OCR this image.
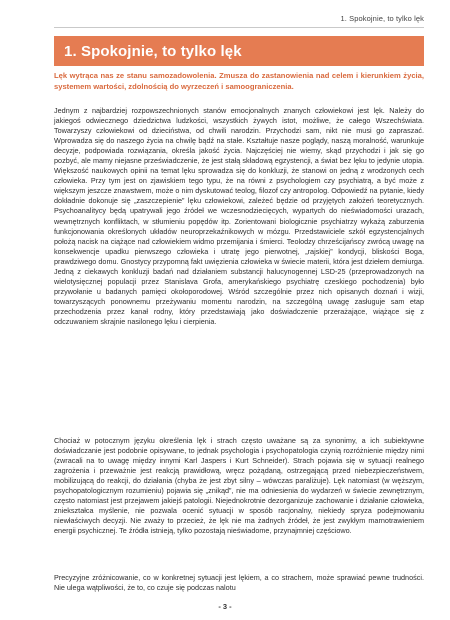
1. Spokojnie, to tylko lęk
1. Spokojnie, to tylko lęk

Lęk wytrąca nas ze stanu samozadowolenia. Zmusza do zastanowienia nad celem i kierunkiem życia, systemem wartości, zdolnością do wyrzeczeń i samoograniczenia.

Jednym z najbardziej rozpowszechnionych stanów emocjonalnych znanych człowiekowi jest lęk. Należy do jakiegoś odwiecznego dziedzictwa ludzkości, wszystkich żywych istot, możliwe, że całego Wszechświata. Towarzyszy człowiekowi od dzieciństwa, od chwili narodzin. Przychodzi sam, nikt nie musi go zapraszać. Wprowadza się do naszego życia na chwilę bądź na stałe. Kształtuje nasze poglądy, naszą moralność, warunkuje decyzje, podpowiada rozwiązania, określa jakość życia. Najczęściej nie wiemy, skąd przychodzi i jak się go pozbyć, ale mamy niejasne przeświadczenie, że jest stałą składową egzystencji, a świat bez lęku to jedynie utopia. Większość naukowych opinii na temat lęku sprowadza się do konkluzji, że stanowi on jedną z wrodzonych cech człowieka. Przy tym jest on zjawiskiem tego typu, że na równi z psychologiem czy psychiatrą, a być może z większym jeszcze znawstwem, może o nim dyskutować teolog, filozof czy antropolog. Odpowiedź na pytanie, kiedy dokładnie dokonuje się „zaszczepienie” lęku człowiekowi, zależeć będzie od przyjętych założeń teoretycznych. Psychoanalitycy będą upatrywali jego źródeł we wczesnodziecięcych, wypartych do nieświadomości urazach, wewnętrznych konfliktach, w stłumieniu popędów itp. Zorientowani biologicznie psychiatrzy wykażą zaburzenia funkcjonowania określonych układów neuroprzekaźnikowych w mózgu. Przedstawiciele szkół egzystencjalnych położą nacisk na ciążące nad człowiekiem widmo przemijania i śmierci. Teolodzy chrześcijańscy zwrócą uwagę na konsekwencje upadku pierwszego człowieka i utratę jego pierwotnej, „rajskiej” kondycji, bliskości Boga, prawdziwego domu. Gnostycy przypomną fakt uwięzienia człowieka w świecie materii, która jest dziełem demiurga. Jedną z ciekawych konkluzji badań nad działaniem substancji halucynogennej LSD-25 (przeprowadzonych na wielotysięcznej populacji przez Stanislava Grofa, amerykańskiego psychiatrę czeskiego pochodzenia) było przywołanie u badanych pamięci okołoporodowej. Wśród szczególnie przez nich opisanych doznań i wizji, towarzyszących ponownemu przeżywaniu momentu narodzin, na szczególną uwagę zasługuje sam etap przechodzenia przez kanał rodny, który przedstawiają jako doświadczenie przerażające, wiążące się z odczuwaniem skrajnie nasilonego lęku i cierpienia.

Chociaż w potocznym języku określenia lęk i strach często uważane są za synonimy, a ich subiektywne doświadczanie jest podobnie opisywane, to jednak psychologia i psychopatologia czynią rozróżnienie między nimi (zwracali na to uwagę między innymi Karl Jaspers i Kurt Schneider). Strach pojawia się w sytuacji realnego zagrożenia i przeważnie jest reakcją prawidłową, wręcz pożądaną, ostrzegającą przed niebezpieczeństwem, mobilizującą do reakcji, do działania (chyba że jest zbyt silny – wówczas paraliżuje). Lęk natomiast (w węższym, psychopatologicznym rozumieniu) pojawia się „znikąd”, nie ma odniesienia do wydarzeń w świecie zewnętrznym, często natomiast jest przejawem jakiejś patologii. Niejednokrotnie dezorganizuje zachowanie i działanie człowieka, zniekształca myślenie, nie pozwala ocenić sytuacji w sposób racjonalny, niekiedy spryza podejmowaniu niewłaściwych decyzji. Nie zważy to przecież, że lęk nie ma żadnych źródeł, że jest zwykłym marnotrawieniem energii psychicznej. Te źródła istnieją, tylko pozostają nieświadome, przynajmniej częściowo.

Precyzyjne zróżnicowanie, co w konkretnej sytuacji jest lękiem, a co strachem, może sprawiać pewne trudności. Nie ulega wątpliwości, że to, co czuje się podczas nalotu

- 3 -
